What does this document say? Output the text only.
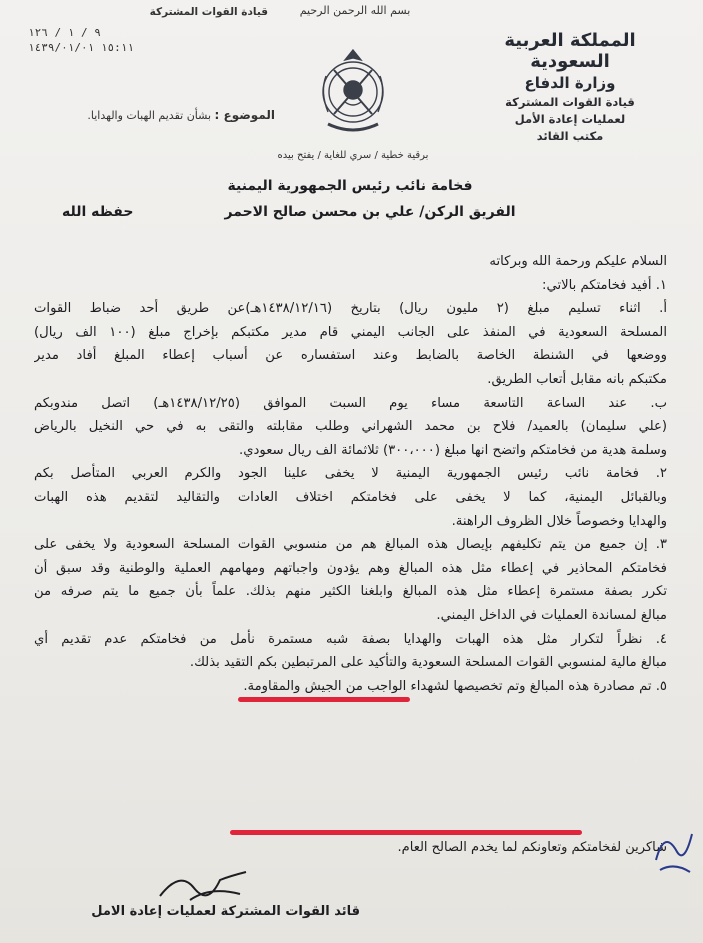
بسم الله الرحمن الرحيم
قيادة القوات المشتركة
٩ / ١ / ١٢٦
١٥:١١ ١٤٣٩/٠١/٠١	المملكة العربية السعودية
وزارة الدفاع
قيادة القوات المشتركة
لعمليات إعادة الأمل
مكتب القائد
الموضوع : بشأن تقديم الهبات والهدايا.
برقية خطية / سري للغاية / يفتح بيده
فخامة نائب رئيس الجمهورية اليمنية
الفريق الركن/ علي بن محسن صالح الاحمر
حفظه الله
السلام عليكم ورحمة الله وبركاته
١. أفيد فخامتكم بالاتي:
أ. اثناء تسليم مبلغ (٢ مليون ريال) بتاريخ (١٤٣٨/١٢/١٦هـ)عن طريق أحد ضباط القوات
المسلحة السعودية في المنفذ على الجانب اليمني قام مدير مكتبكم بإخراج مبلغ (١٠٠ الف ريال)
ووضعها في الشنطة الخاصة بالضابط وعند استفساره عن أسباب إعطاء المبلغ أفاد مدير
مكتبكم بانه مقابل أتعاب الطريق.
ب. عند الساعة التاسعة مساء يوم السبت الموافق (١٤٣٨/١٢/٢٥هـ) اتصل مندوبكم
(علي سليمان) بالعميد/ فلاح بن محمد الشهراني وطلب مقابلته والتقى به في حي النخيل بالرياض
وسلمة هدية من فخامتكم واتضح انها مبلغ (٣٠٠،٠٠٠) ثلاثمائة الف ريال سعودي.
٢. فخامة نائب رئيس الجمهورية اليمنية لا يخفى علينا الجود والكرم العربي المتأصل بكم
وبالقبائل اليمنية، كما لا يخفى على فخامتكم اختلاف العادات والتقاليد لتقديم هذه الهبات
والهدايا وخصوصاً خلال الظروف الراهنة.
٣. إن جميع من يتم تكليفهم بإيصال هذه المبالغ هم من منسوبي القوات المسلحة السعودية ولا يخفى على
فخامتكم المحاذير في إعطاء مثل هذه المبالغ وهم يؤدون واجباتهم ومهامهم العملية والوطنية وقد سبق أن
تكرر بصفة مستمرة إعطاء مثل هذه المبالغ وابلغنا الكثير منهم بذلك. علماً بأن جميع ما يتم صرفه من
مبالغ لمساندة العمليات في الداخل اليمني.
٤. نظراً لتكرار مثل هذه الهبات والهدايا بصفة شبه مستمرة نأمل من فخامتكم عدم تقديم أي
مبالغ مالية لمنسوبي القوات المسلحة السعودية والتأكيد على المرتبطين بكم التقيد بذلك.
٥. تم مصادرة هذه المبالغ وتم تخصيصها لشهداء الواجب من الجيش والمقاومة.
شاكرين لفخامتكم وتعاونكم لما يخدم الصالح العام.
قائد القوات المشتركة لعمليات إعادة الامل
